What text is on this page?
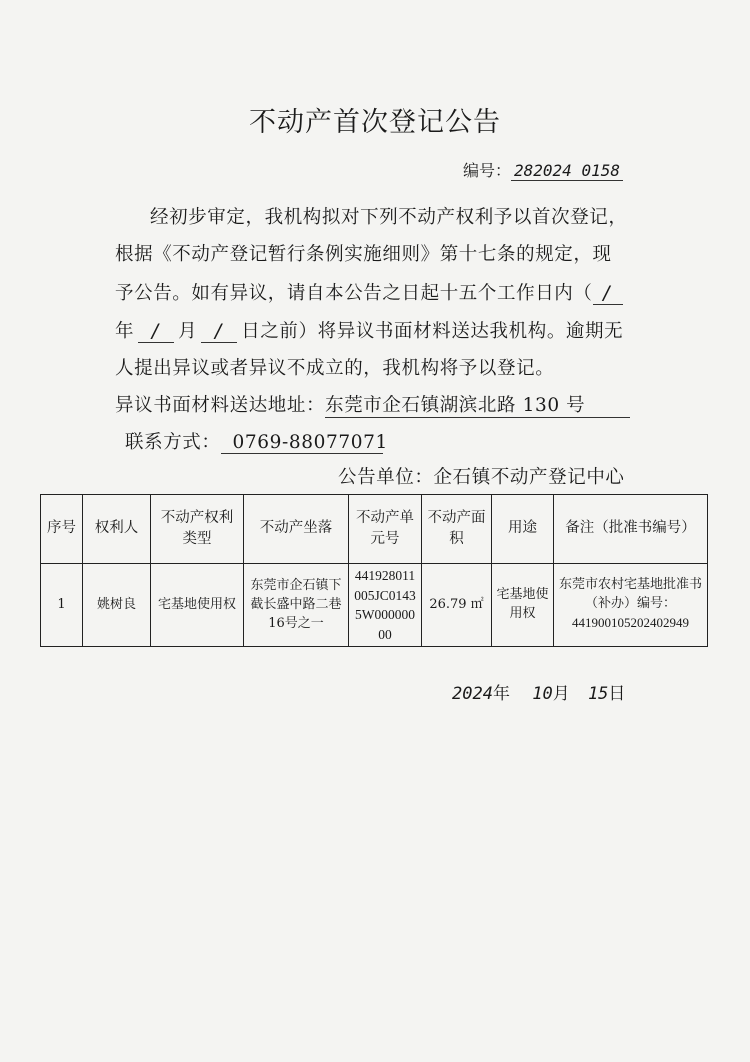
不动产首次登记公告
编号： 282024 0158
经初步审定，我机构拟对下列不动产权利予以首次登记，
根据《不动产登记暂行条例实施细则》第十七条的规定，现
予公告。如有异议，请自本公告之日起十五个工作日内（ /
年 / 月 / 日之前）将异议书面材料送达我机构。逾期无
人提出异议或者异议不成立的，我机构将予以登记。
异议书面材料送达地址：东莞市企石镇湖滨北路 130 号
联系方式： 0769-88077071
公告单位：企石镇不动产登记中心
序号	权利人	不动产权利类型	不动产坐落	不动产单元号	不动产面积	用途	备注（批准书编号）
1	姚树良	宅基地使用权	东莞市企石镇下截长盛中路二巷16号之一	441928011005JC01435W00000000	26.79 ㎡	宅基地使用权	东莞市农村宅基地批准书（补办）编号：
441900105202402949
2024年 10月 15日
